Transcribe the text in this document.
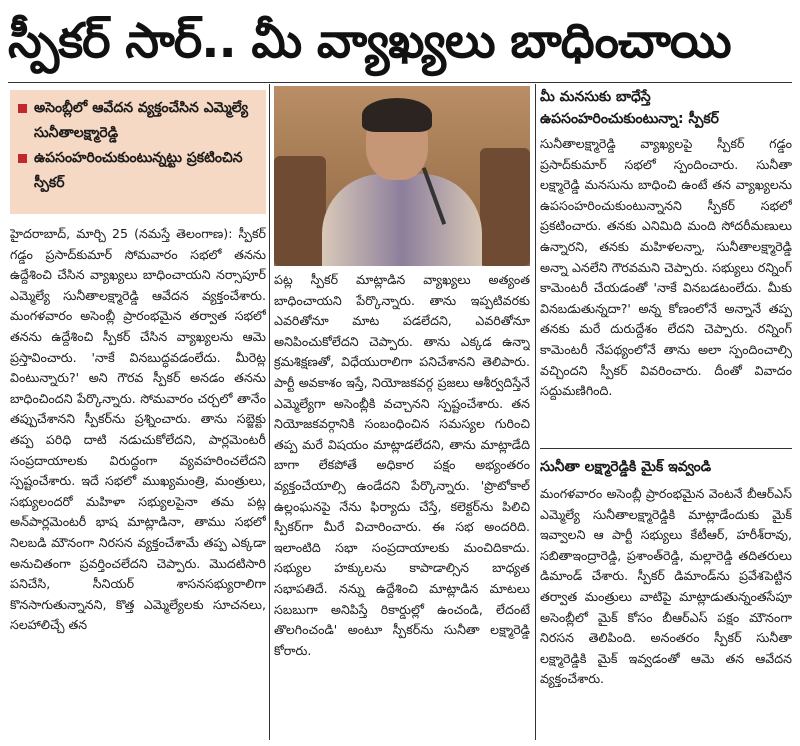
స్పీకర్ సార్.. మీ వ్యాఖ్యలు బాధించాయి
అసెంబ్లీలో ఆవేదన వ్యక్తంచేసిన ఎమ్మెల్యే సునీతాలక్ష్మారెడ్డి
ఉపసంహరించుకుంటున్నట్టు ప్రకటించిన స్పీకర్
హైదరాబాద్, మార్చి 25 (నమస్తే తెలంగాణ): స్పీకర్ గడ్డం ప్రసాద్‌కుమార్ సోమవారం సభలో తనను ఉద్దేశించి చేసిన వ్యాఖ్యలు బాధించాయని నర్సాపూర్ ఎమ్మెల్యే సునీతాలక్ష్మారెడ్డి ఆవేదన వ్యక్తంచేశారు. మంగళవారం అసెంబ్లీ ప్రారంభమైన తర్వాత సభలో తనను ఉద్దేశించి స్పీకర్ చేసిన వ్యాఖ్యలను ఆమె ప్రస్తావించారు. 'నాకే వినబుద్ధవడంలేదు. మీరెట్ల వింటున్నారు?' అని గౌరవ స్పీకర్ అనడం తనను బాధించిందని పేర్కొన్నారు. సోమవారం చర్చలో తానేం తప్పుచేశానని స్పీకర్‌ను ప్రశ్నించారు. తాను సబ్జెక్టు తప్ప పరిధి దాటి నడుచుకోలేదని, పార్లమెంటరీ సంప్రదాయాలకు విరుద్ధంగా వ్యవహరించలేదని స్పష్టంచేశారు. ఇదే సభలో ముఖ్యమంత్రి, మంత్రులు, సభ్యులందరో మహిళా సభ్యులపైనా తమ పట్ల అన్‌పార్లమెంటరీ భాష మాట్లాడినా, తాము సభలో నిలబడి మౌనంగా నిరసన వ్యక్తంచేశామే తప్ప ఎక్కడా అనుచితంగా ప్రవర్తించలేదని చెప్పారు. మొదటిసారి పనిచేసి, సీనియర్ శాసనసభ్యురాలిగా కొనసాగుతున్నానని, కొత్త ఎమ్మెల్యేలకు సూచనలు, సలహాలిచ్చే తన
పట్ల స్పీకర్ మాట్లాడిన వ్యాఖ్యలు అత్యంత బాధించాయని పేర్కొన్నారు. తాను ఇప్పటివరకు ఎవరితోనూ మాట పడలేదని, ఎవరితోనూ అనిపించుకోలేదని చెప్పారు. తాను ఎక్కడ ఉన్నా క్రమశిక్షణతో, విధేయురాలిగా పనిచేశానని తెలిపారు. పార్టీ అవకాశం ఇస్తే, నియోజకవర్గ ప్రజలు ఆశీర్వదిస్తేనే ఎమ్మెల్యేగా అసెంబ్లీకి వచ్చానని స్పష్టంచేశారు. తన నియోజకవర్గానికి సంబంధించిన సమస్యల గురించి తప్ప మరే విషయం మాట్లాడలేదని, తాను మాట్లాడేది బాగా లేకపోతే అధికార పక్షం అభ్యంతరం వ్యక్తంచేయాల్సి ఉండేదని పేర్కొన్నారు. 'ప్రొటోకాల్ ఉల్లంఘనపై నేను ఫిర్యాదు చేస్తే, కలెక్టర్‌ను పిలిచి స్పీకర్‌గా మీరే విచారించారు. ఈ సభ అందరిది. ఇలాంటిది సభా సంప్రదాయాలకు మంచిదికాదు. సభ్యుల హక్కులను కాపాడాల్సిన బాధ్యత సభాపతిదే. నన్ను ఉద్దేశించి మాట్లాడిన మాటలు సబబుగా అనిపిస్తే రికార్డుల్లో ఉంచండి, లేదంటే తొలగించండి' అంటూ స్పీకర్‌ను సునీతా లక్ష్మారెడ్డి కోరారు.
మీ మనసుకు బాధేస్తే ఉపసంహరించుకుంటున్నా: స్పీకర్
సునీతాలక్ష్మారెడ్డి వ్యాఖ్యలపై స్పీకర్ గడ్డం ప్రసాద్‌కుమార్ సభలో స్పందించారు. సునీతా లక్ష్మారెడ్డి మనసును బాధించి ఉంటే తన వ్యాఖ్యలను ఉపసంహరించుకుంటున్నానని స్పీకర్ సభలో ప్రకటించారు. తనకు ఎనిమిది మంది సోదరీమణులు ఉన్నారని, తనకు మహిళలన్నా, సునీతాలక్ష్మారెడ్డి అన్నా ఎనలేని గౌరవమని చెప్పారు. సభ్యులు రన్నింగ్ కామెంటరీ చేయడంతో 'నాకే వినబడటంలేదు. మీకు వినబడుతున్నదా?' అన్న కోణంలోనే అన్నానే తప్ప తనకు మరే దురుద్దేశం లేదని చెప్పారు. రన్నింగ్ కామెంటరీ నేపథ్యంలోనే తాను అలా స్పందించాల్సి వచ్చిందని స్పీకర్ వివరించారు. దీంతో వివాదం సద్దుమణిగింది.
సునీతా లక్ష్మారెడ్డికి మైక్ ఇవ్వండి
మంగళవారం అసెంబ్లీ ప్రారంభమైన వెంటనే బీఆర్ఎస్ ఎమ్మెల్యే సునీతాలక్ష్మారెడ్డికి మాట్లాడేందుకు మైక్ ఇవ్వాలని ఆ పార్టీ సభ్యులు కేటీఆర్, హరీశ్‌రావు, సబితాఇంద్రారెడ్డి, ప్రశాంత్‌రెడ్డి, మల్లారెడ్డి తదితరులు డిమాండ్ చేశారు. స్పీకర్ డిమాండ్‌ను ప్రవేశపెట్టిన తర్వాత మంత్రులు వాటిపై మాట్లాడుతున్నంతసేపూ అసెంబ్లీలో మైక్ కోసం బీఆర్ఎస్ పక్షం మౌనంగా నిరసన తెలిపింది. అనంతరం స్పీకర్ సునీతా లక్ష్మారెడ్డికి మైక్ ఇవ్వడంతో ఆమె తన ఆవేదన వ్యక్తంచేశారు.
